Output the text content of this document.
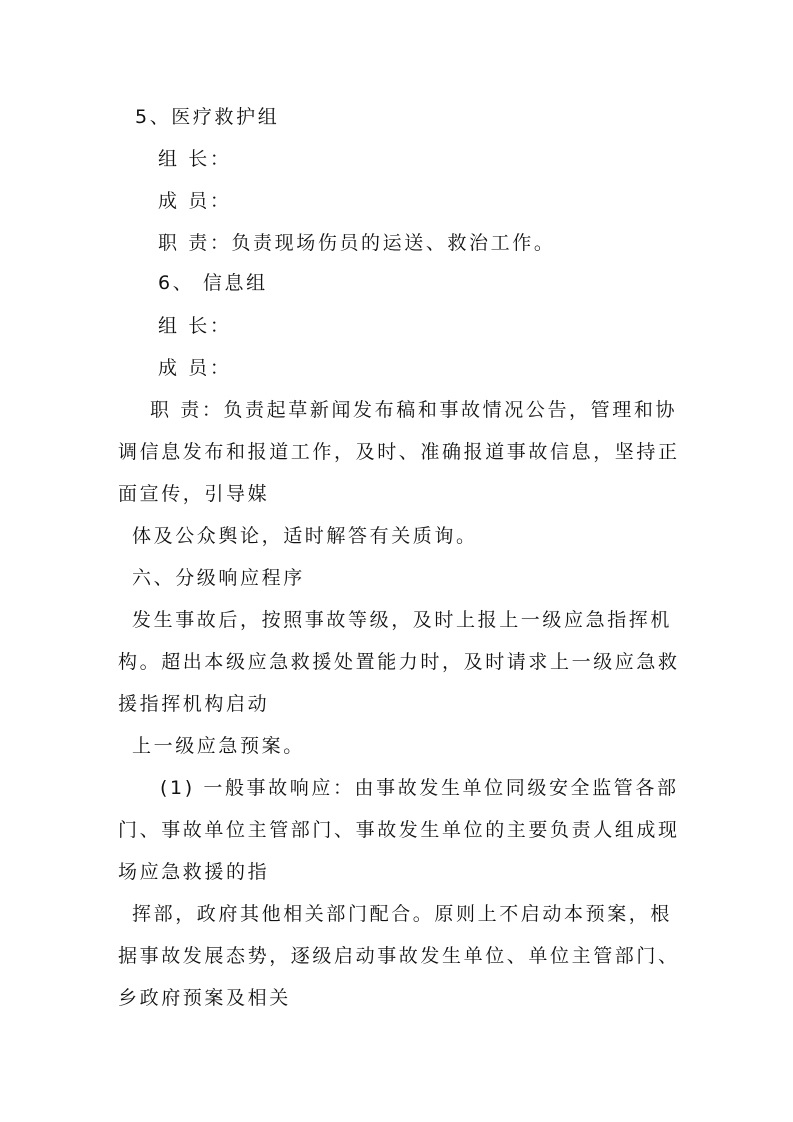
5、医疗救护组
组 长：
成 员：
职 责：负责现场伤员的运送、救治工作。
6、 信息组
组 长：
成 员：
职 责：负责起草新闻发布稿和事故情况公告，管理和协
调信息发布和报道工作，及时、准确报道事故信息，坚持正
面宣传，引导媒
体及公众舆论，适时解答有关质询。
六、分级响应程序
发生事故后，按照事故等级，及时上报上一级应急指挥机
构。超出本级应急救援处置能力时，及时请求上一级应急救
援指挥机构启动
上一级应急预案。
(1) 一般事故响应：由事故发生单位同级安全监管各部
门、事故单位主管部门、事故发生单位的主要负责人组成现
场应急救援的指
挥部，政府其他相关部门配合。原则上不启动本预案，根
据事故发展态势，逐级启动事故发生单位、单位主管部门、
乡政府预案及相关
